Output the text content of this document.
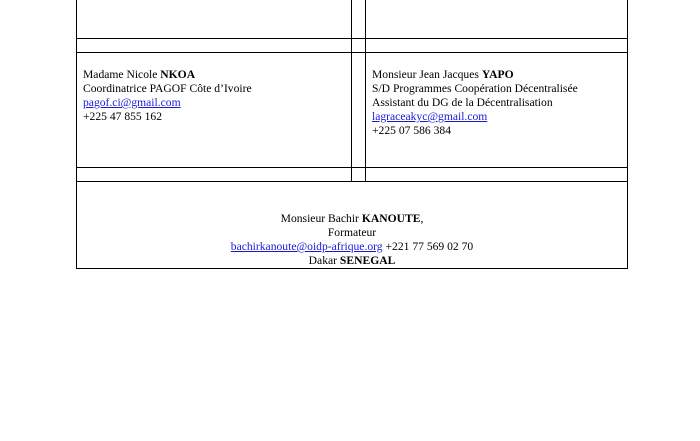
Madame Nicole NKOA
Coordinatrice PAGOF Côte d’Ivoire
pagof.ci@gmail.com
+225 47 855 162
Monsieur Jean Jacques YAPO
S/D Programmes Coopération Décentralisée
Assistant du DG de la Décentralisation
lagraceakyc@gmail.com
+225 07 586 384
Monsieur Bachir KANOUTE,
Formateur
bachirkanoute@oidp-afrique.org +221 77 569 02 70
Dakar SENEGAL
